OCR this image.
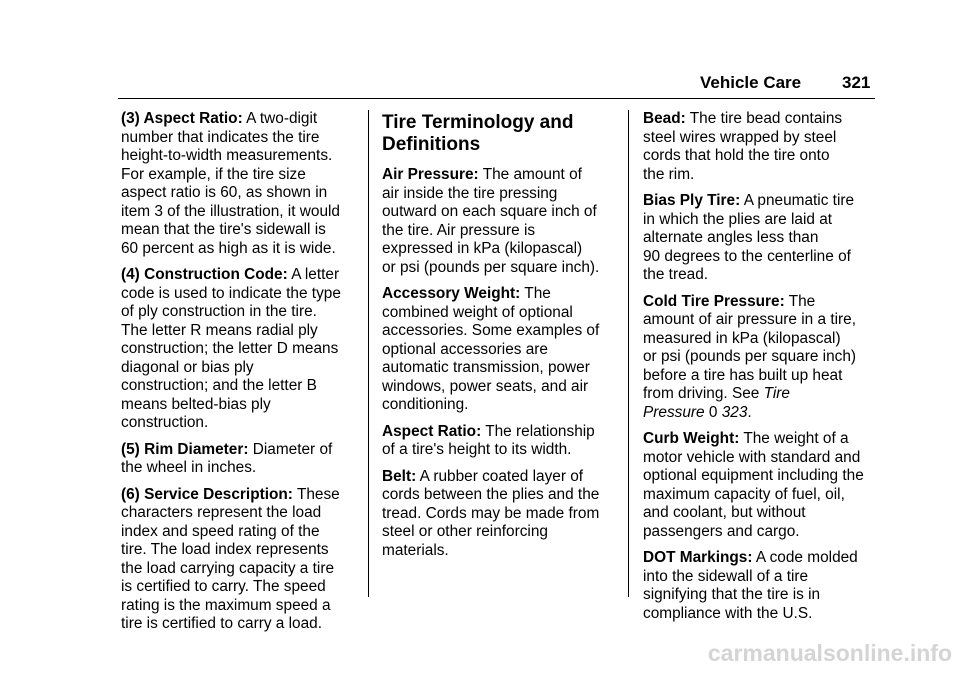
Vehicle Care 321
(3) Aspect Ratio: A two-digit
number that indicates the tire
height-to-width measurements.
For example, if the tire size
aspect ratio is 60, as shown in
item 3 of the illustration, it would
mean that the tire's sidewall is
60 percent as high as it is wide.
(4) Construction Code: A letter
code is used to indicate the type
of ply construction in the tire.
The letter R means radial ply
construction; the letter D means
diagonal or bias ply
construction; and the letter B
means belted-bias ply
construction.
(5) Rim Diameter: Diameter of
the wheel in inches.
(6) Service Description: These
characters represent the load
index and speed rating of the
tire. The load index represents
the load carrying capacity a tire
is certified to carry. The speed
rating is the maximum speed a
tire is certified to carry a load.
Tire Terminology and
Definitions
Air Pressure: The amount of
air inside the tire pressing
outward on each square inch of
the tire. Air pressure is
expressed in kPa (kilopascal)
or psi (pounds per square inch).
Accessory Weight: The
combined weight of optional
accessories. Some examples of
optional accessories are
automatic transmission, power
windows, power seats, and air
conditioning.
Aspect Ratio: The relationship
of a tire's height to its width.
Belt: A rubber coated layer of
cords between the plies and the
tread. Cords may be made from
steel or other reinforcing
materials.
Bead: The tire bead contains
steel wires wrapped by steel
cords that hold the tire onto
the rim.
Bias Ply Tire: A pneumatic tire
in which the plies are laid at
alternate angles less than
90 degrees to the centerline of
the tread.
Cold Tire Pressure: The
amount of air pressure in a tire,
measured in kPa (kilopascal)
or psi (pounds per square inch)
before a tire has built up heat
from driving. See Tire
Pressure 0 323.
Curb Weight: The weight of a
motor vehicle with standard and
optional equipment including the
maximum capacity of fuel, oil,
and coolant, but without
passengers and cargo.
DOT Markings: A code molded
into the sidewall of a tire
signifying that the tire is in
compliance with the U.S.
carmanualsonline.info
